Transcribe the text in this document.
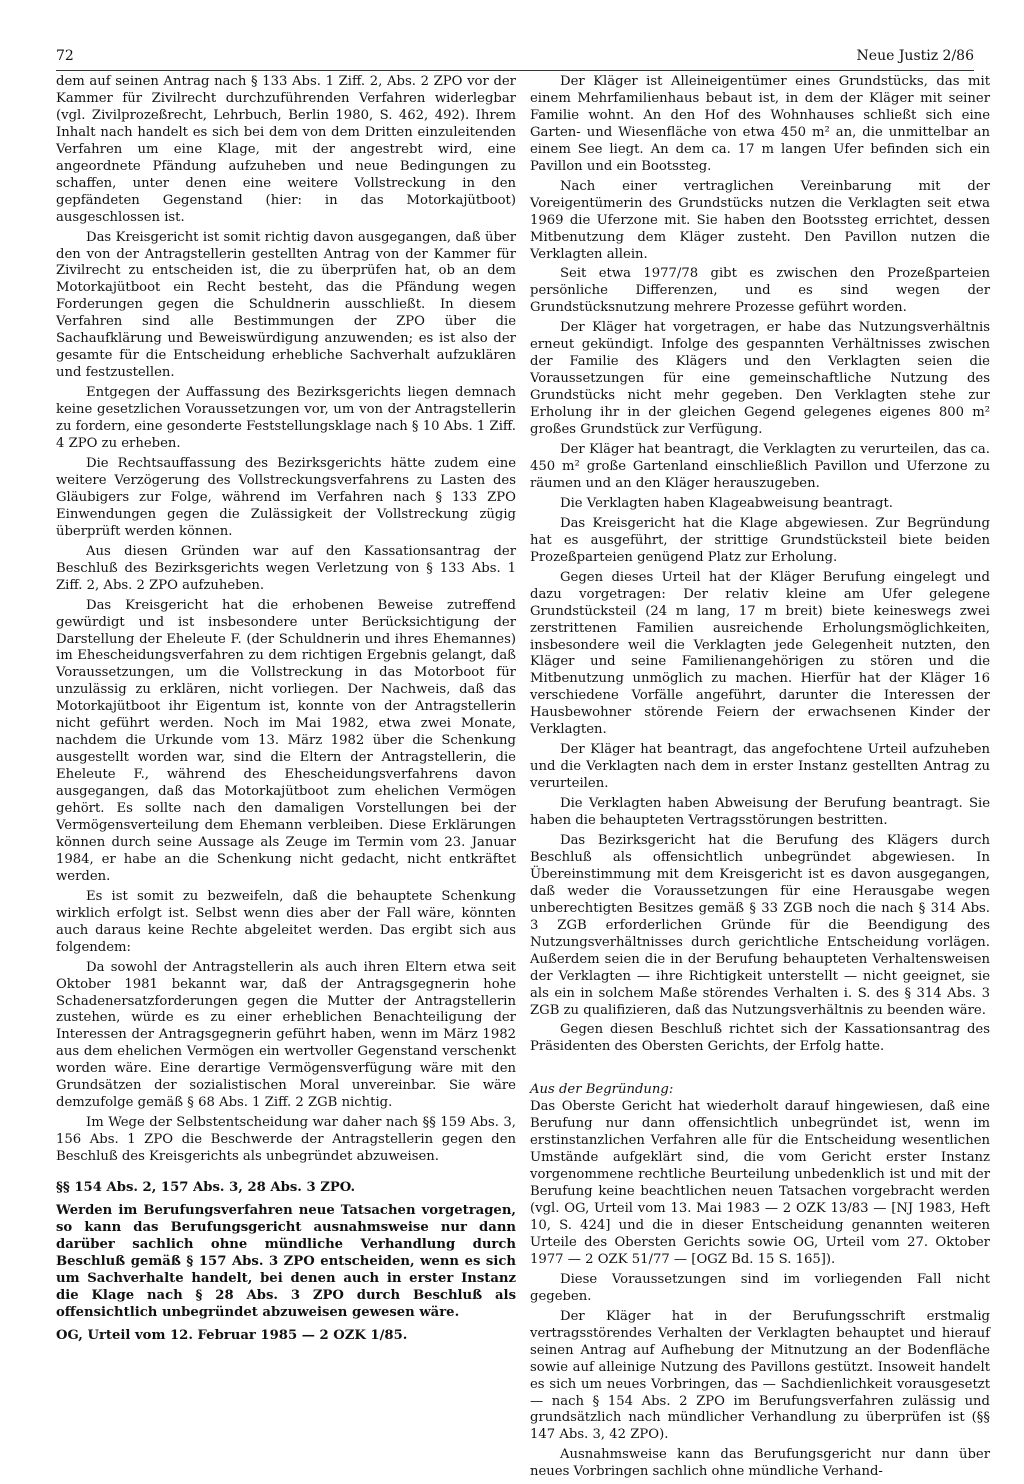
72	Neue Justiz 2/86

dem auf seinen Antrag nach § 133 Abs. 1 Ziff. 2, Abs. 2 ZPO vor der Kammer für Zivilrecht durchzuführenden Verfahren widerlegbar (vgl. Zivilprozeßrecht, Lehrbuch, Berlin 1980, S. 462, 492). Ihrem Inhalt nach handelt es sich bei dem von dem Dritten einzuleitenden Verfahren um eine Klage, mit der angestrebt wird, eine angeordnete Pfändung aufzuheben und neue Bedingungen zu schaffen, unter denen eine weitere Vollstreckung in den gepfändeten Gegenstand (hier: in das Motorkajütboot) ausgeschlossen ist.

Das Kreisgericht ist somit richtig davon ausgegangen, daß über den von der Antragstellerin gestellten Antrag von der Kammer für Zivilrecht zu entscheiden ist, die zu überprüfen hat, ob an dem Motorkajütboot ein Recht besteht, das die Pfändung wegen Forderungen gegen die Schuldnerin ausschließt. In diesem Verfahren sind alle Bestimmungen der ZPO über die Sachaufklärung und Beweiswürdigung anzuwenden; es ist also der gesamte für die Entscheidung erhebliche Sachverhalt aufzuklären und festzustellen.

Entgegen der Auffassung des Bezirksgerichts liegen demnach keine gesetzlichen Voraussetzungen vor, um von der Antragstellerin zu fordern, eine gesonderte Feststellungsklage nach § 10 Abs. 1 Ziff. 4 ZPO zu erheben.

Die Rechtsauffassung des Bezirksgerichts hätte zudem eine weitere Verzögerung des Vollstreckungsverfahrens zu Lasten des Gläubigers zur Folge, während im Verfahren nach § 133 ZPO Einwendungen gegen die Zulässigkeit der Vollstreckung zügig überprüft werden können.

Aus diesen Gründen war auf den Kassationsantrag der Beschluß des Bezirksgerichts wegen Verletzung von § 133 Abs. 1 Ziff. 2, Abs. 2 ZPO aufzuheben.

Das Kreisgericht hat die erhobenen Beweise zutreffend gewürdigt und ist insbesondere unter Berücksichtigung der Darstellung der Eheleute F. (der Schuldnerin und ihres Ehemannes) im Ehescheidungsverfahren zu dem richtigen Ergebnis gelangt, daß Voraussetzungen, um die Vollstreckung in das Motorboot für unzulässig zu erklären, nicht vorliegen. Der Nachweis, daß das Motorkajütboot ihr Eigentum ist, konnte von der Antragstellerin nicht geführt werden. Noch im Mai 1982, etwa zwei Monate, nachdem die Urkunde vom 13. März 1982 über die Schenkung ausgestellt worden war, sind die Eltern der Antragstellerin, die Eheleute F., während des Ehescheidungsverfahrens davon ausgegangen, daß das Motorkajütboot zum ehelichen Vermögen gehört. Es sollte nach den damaligen Vorstellungen bei der Vermögensverteilung dem Ehemann verbleiben. Diese Erklärungen können durch seine Aussage als Zeuge im Termin vom 23. Januar 1984, er habe an die Schenkung nicht gedacht, nicht entkräftet werden.

Es ist somit zu bezweifeln, daß die behauptete Schenkung wirklich erfolgt ist. Selbst wenn dies aber der Fall wäre, könnten auch daraus keine Rechte abgeleitet werden. Das ergibt sich aus folgendem:

Da sowohl der Antragstellerin als auch ihren Eltern etwa seit Oktober 1981 bekannt war, daß der Antragsgegnerin hohe Schadenersatzforderungen gegen die Mutter der Antragstellerin zustehen, würde es zu einer erheblichen Benachteiligung der Interessen der Antragsgegnerin geführt haben, wenn im März 1982 aus dem ehelichen Vermögen ein wertvoller Gegenstand verschenkt worden wäre. Eine derartige Vermögensverfügung wäre mit den Grundsätzen der sozialistischen Moral unvereinbar. Sie wäre demzufolge gemäß § 68 Abs. 1 Ziff. 2 ZGB nichtig.

Im Wege der Selbstentscheidung war daher nach §§ 159 Abs. 3, 156 Abs. 1 ZPO die Beschwerde der Antragstellerin gegen den Beschluß des Kreisgerichts als unbegründet abzuweisen.

§§ 154 Abs. 2, 157 Abs. 3, 28 Abs. 3 ZPO.

Werden im Berufungsverfahren neue Tatsachen vorgetragen, so kann das Berufungsgericht ausnahmsweise nur dann darüber sachlich ohne mündliche Verhandlung durch Beschluß gemäß § 157 Abs. 3 ZPO entscheiden, wenn es sich um Sachverhalte handelt, bei denen auch in erster Instanz die Klage nach § 28 Abs. 3 ZPO durch Beschluß als offensichtlich unbegründet abzuweisen gewesen wäre.

OG, Urteil vom 12. Februar 1985 — 2 OZK 1/85.

Der Kläger ist Alleineigentümer eines Grundstücks, das mit einem Mehrfamilienhaus bebaut ist, in dem der Kläger mit seiner Familie wohnt. An den Hof des Wohnhauses schließt sich eine Garten- und Wiesenfläche von etwa 450 m² an, die unmittelbar an einem See liegt. An dem ca. 17 m langen Ufer befinden sich ein Pavillon und ein Bootssteg.

Nach einer vertraglichen Vereinbarung mit der Voreigentümerin des Grundstücks nutzen die Verklagten seit etwa 1969 die Uferzone mit. Sie haben den Bootssteg errichtet, dessen Mitbenutzung dem Kläger zusteht. Den Pavillon nutzen die Verklagten allein.

Seit etwa 1977/78 gibt es zwischen den Prozeßparteien persönliche Differenzen, und es sind wegen der Grundstücksnutzung mehrere Prozesse geführt worden.

Der Kläger hat vorgetragen, er habe das Nutzungsverhältnis erneut gekündigt. Infolge des gespannten Verhältnisses zwischen der Familie des Klägers und den Verklagten seien die Voraussetzungen für eine gemeinschaftliche Nutzung des Grundstücks nicht mehr gegeben. Den Verklagten stehe zur Erholung ihr in der gleichen Gegend gelegenes eigenes 800 m² großes Grundstück zur Verfügung.

Der Kläger hat beantragt, die Verklagten zu verurteilen, das ca. 450 m² große Gartenland einschließlich Pavillon und Uferzone zu räumen und an den Kläger herauszugeben.

Die Verklagten haben Klageabweisung beantragt.

Das Kreisgericht hat die Klage abgewiesen. Zur Begründung hat es ausgeführt, der strittige Grundstücksteil biete beiden Prozeßparteien genügend Platz zur Erholung.

Gegen dieses Urteil hat der Kläger Berufung eingelegt und dazu vorgetragen: Der relativ kleine am Ufer gelegene Grundstücksteil (24 m lang, 17 m breit) biete keineswegs zwei zerstrittenen Familien ausreichende Erholungsmöglichkeiten, insbesondere weil die Verklagten jede Gelegenheit nutzten, den Kläger und seine Familienangehörigen zu stören und die Mitbenutzung unmöglich zu machen. Hierfür hat der Kläger 16 verschiedene Vorfälle angeführt, darunter die Interessen der Hausbewohner störende Feiern der erwachsenen Kinder der Verklagten.

Der Kläger hat beantragt, das angefochtene Urteil aufzuheben und die Verklagten nach dem in erster Instanz gestellten Antrag zu verurteilen.

Die Verklagten haben Abweisung der Berufung beantragt. Sie haben die behaupteten Vertragsstörungen bestritten.

Das Bezirksgericht hat die Berufung des Klägers durch Beschluß als offensichtlich unbegründet abgewiesen. In Übereinstimmung mit dem Kreisgericht ist es davon ausgegangen, daß weder die Voraussetzungen für eine Herausgabe wegen unberechtigten Besitzes gemäß § 33 ZGB noch die nach § 314 Abs. 3 ZGB erforderlichen Gründe für die Beendigung des Nutzungsverhältnisses durch gerichtliche Entscheidung vorlägen. Außerdem seien die in der Berufung behaupteten Verhaltensweisen der Verklagten — ihre Richtigkeit unterstellt — nicht geeignet, sie als ein in solchem Maße störendes Verhalten i. S. des § 314 Abs. 3 ZGB zu qualifizieren, daß das Nutzungsverhältnis zu beenden wäre.

Gegen diesen Beschluß richtet sich der Kassationsantrag des Präsidenten des Obersten Gerichts, der Erfolg hatte.

Aus der Begründung:

Das Oberste Gericht hat wiederholt darauf hingewiesen, daß eine Berufung nur dann offensichtlich unbegründet ist, wenn im erstinstanzlichen Verfahren alle für die Entscheidung wesentlichen Umstände aufgeklärt sind, die vom Gericht erster Instanz vorgenommene rechtliche Beurteilung unbedenklich ist und mit der Berufung keine beachtlichen neuen Tatsachen vorgebracht werden (vgl. OG, Urteil vom 13. Mai 1983 — 2 OZK 13/83 — [NJ 1983, Heft 10, S. 424] und die in dieser Entscheidung genannten weiteren Urteile des Obersten Gerichts sowie OG, Urteil vom 27. Oktober 1977 — 2 OZK 51/77 — [OGZ Bd. 15 S. 165]).

Diese Voraussetzungen sind im vorliegenden Fall nicht gegeben.

Der Kläger hat in der Berufungsschrift erstmalig vertragsstörendes Verhalten der Verklagten behauptet und hierauf seinen Antrag auf Aufhebung der Mitnutzung an der Bodenfläche sowie auf alleinige Nutzung des Pavillons gestützt. Insoweit handelt es sich um neues Vorbringen, das — Sachdienlichkeit vorausgesetzt — nach § 154 Abs. 2 ZPO im Berufungsverfahren zulässig und grundsätzlich nach mündlicher Verhandlung zu überprüfen ist (§§ 147 Abs. 3, 42 ZPO).

Ausnahmsweise kann das Berufungsgericht nur dann über neues Vorbringen sachlich ohne mündliche Verhand-
